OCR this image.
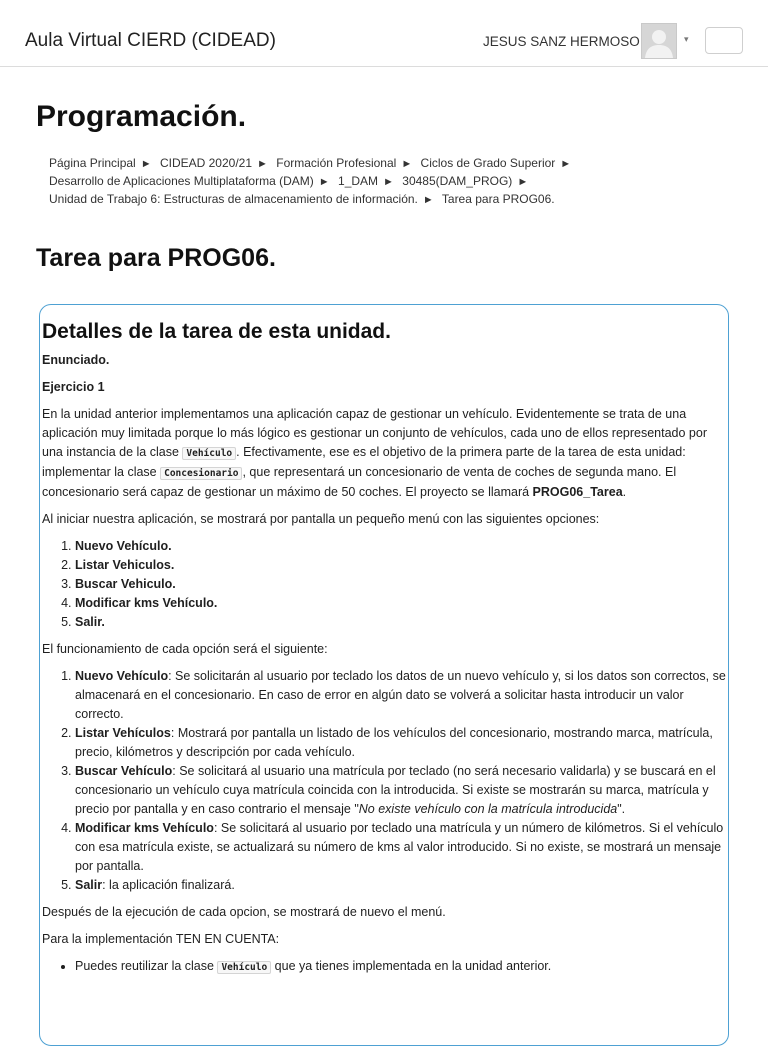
Aula Virtual CIERD (CIDEAD)	JESUS SANZ HERMOSO	▾
Programación.
Página Principal ► CIDEAD 2020/21 ► Formación Profesional ► Ciclos de Grado Superior ►
Desarrollo de Aplicaciones Multiplataforma (DAM) ► 1_DAM ► 30485(DAM_PROG) ►
Unidad de Trabajo 6: Estructuras de almacenamiento de información. ► Tarea para PROG06.
Tarea para PROG06.
Detalles de la tarea de esta unidad.

Enunciado.

Ejercicio 1

En la unidad anterior implementamos una aplicación capaz de gestionar un vehículo. Evidentemente se trata de una aplicación muy limitada porque lo más lógico es gestionar un conjunto de vehículos, cada uno de ellos representado por una instancia de la clase Vehículo . Efectivamente, ese es el objetivo de la primera parte de la tarea de esta unidad: implementar la clase Concesionario , que representará un concesionario de venta de coches de segunda mano. El concesionario será capaz de gestionar un máximo de 50 coches. El proyecto se llamará PROG06_Tarea.

Al iniciar nuestra aplicación, se mostrará por pantalla un pequeño menú con las siguientes opciones:

1. Nuevo Vehículo.
2. Listar Vehiculos.
3. Buscar Vehiculo.
4. Modificar kms Vehículo.
5. Salir.

El funcionamiento de cada opción será el siguiente:

1. Nuevo Vehículo: Se solicitarán al usuario por teclado los datos de un nuevo vehículo y, si los datos son correctos, se almacenará en el concesionario. En caso de error en algún dato se volverá a solicitar hasta introducir un valor correcto.
2. Listar Vehículos: Mostrará por pantalla un listado de los vehículos del concesionario, mostrando marca, matrícula, precio, kilómetros y descripción por cada vehículo.
3. Buscar Vehículo: Se solicitará al usuario una matrícula por teclado (no será necesario validarla) y se buscará en el concesionario un vehículo cuya matrícula coincida con la introducida. Si existe se mostrarán su marca, matrícula y precio por pantalla y en caso contrario el mensaje "No existe vehículo con la matrícula introducida".
4. Modificar kms Vehículo: Se solicitará al usuario por teclado una matrícula y un número de kilómetros. Si el vehículo con esa matrícula existe, se actualizará su número de kms al valor introducido. Si no existe, se mostrará un mensaje por pantalla.
5. Salir: la aplicación finalizará.

Después de la ejecución de cada opcion, se mostrará de nuevo el menú.

Para la implementación TEN EN CUENTA:

• Puedes reutilizar la clase Vehículo que ya tienes implementada en la unidad anterior.
